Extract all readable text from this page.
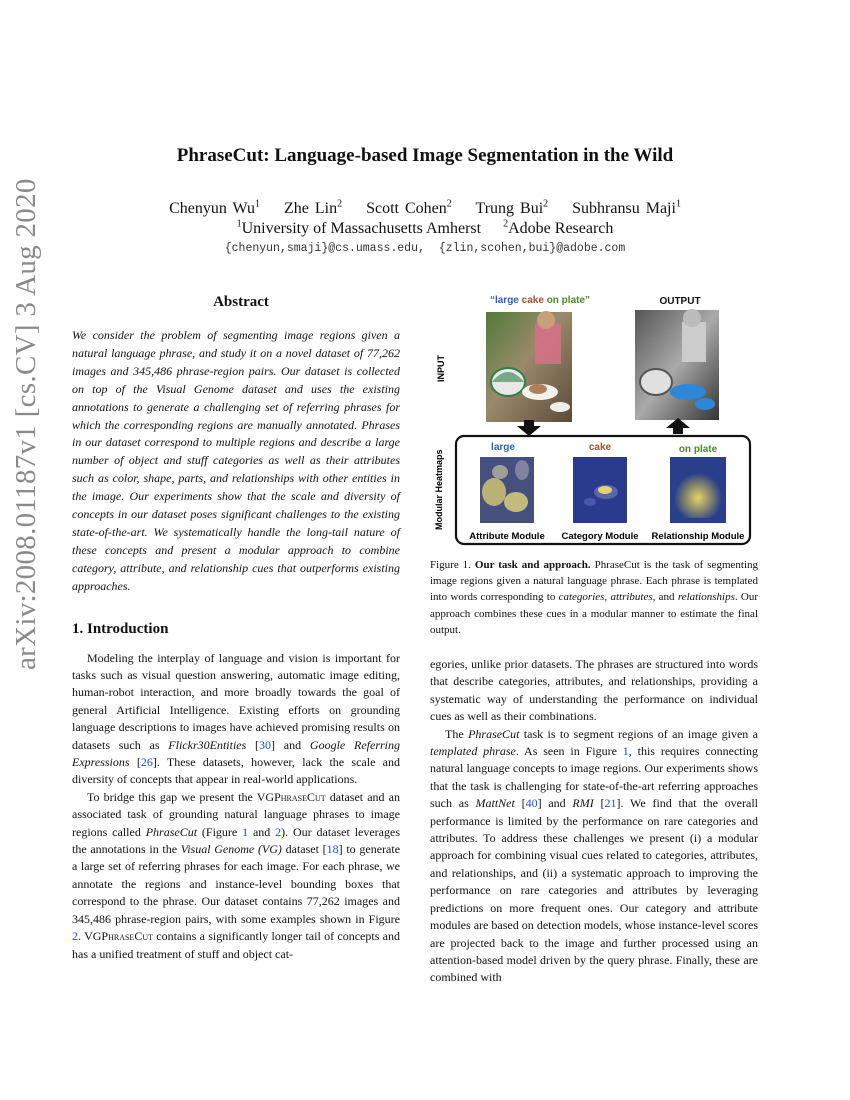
arXiv:2008.01187v1 [cs.CV] 3 Aug 2020
PhraseCut: Language-based Image Segmentation in the Wild
Chenyun Wu$^1$ Zhe Lin$^2$ Scott Cohen$^2$ Trung Bui$^2$ Subhransu Maji$^1$
$^1$University of Massachusetts Amherst $^2$Adobe Research
{chenyun,smaji}@cs.umass.edu, {zlin,scohen,bui}@adobe.com
Abstract
We consider the problem of segmenting image regions given a natural language phrase, and study it on a novel dataset of 77,262 images and 345,486 phrase-region pairs. Our dataset is collected on top of the Visual Genome dataset and uses the existing annotations to generate a challenging set of referring phrases for which the corresponding regions are manually annotated. Phrases in our dataset correspond to multiple regions and describe a large number of object and stuff categories as well as their attributes such as color, shape, parts, and relationships with other entities in the image. Our experiments show that the scale and diversity of concepts in our dataset poses significant challenges to the existing state-of-the-art. We systematically handle the long-tail nature of these concepts and present a modular approach to combine category, attribute, and relationship cues that outperforms existing approaches.
1. Introduction

Modeling the interplay of language and vision is important for tasks such as visual question answering, automatic image editing, human-robot interaction, and more broadly towards the goal of general Artificial Intelligence. Existing efforts on grounding language descriptions to images have achieved promising results on datasets such as Flickr30Entities [30] and Google Referring Expressions [26]. These datasets, however, lack the scale and diversity of concepts that appear in real-world applications.

To bridge this gap we present the VGPhraseCut dataset and an associated task of grounding natural language phrases to image regions called PhraseCut (Figure 1 and 2). Our dataset leverages the annotations in the Visual Genome (VG) dataset [18] to generate a large set of referring phrases for each image. For each phrase, we annotate the regions and instance-level bounding boxes that correspond to the phrase. Our dataset contains 77,262 images and 345,486 phrase-region pairs, with some examples shown in Figure 2. VGPhraseCut contains a significantly longer tail of concepts and has a unified treatment of stuff and object cat-

“large cake on plate”	OUTPUT
INPUT
Modular Heatmaps
large	cake	on plate
Attribute Module Category Module Relationship Module
Figure 1. Our task and approach. PhraseCut is the task of segmenting image regions given a natural language phrase. Each phrase is templated into words corresponding to categories, attributes, and relationships. Our approach combines these cues in a modular manner to estimate the final output.

egories, unlike prior datasets. The phrases are structured into words that describe categories, attributes, and relationships, providing a systematic way of understanding the performance on individual cues as well as their combinations.

The PhraseCut task is to segment regions of an image given a templated phrase. As seen in Figure 1, this requires connecting natural language concepts to image regions. Our experiments shows that the task is challenging for state-of-the-art referring approaches such as MattNet [40] and RMI [21]. We find that the overall performance is limited by the performance on rare categories and attributes. To address these challenges we present (i) a modular approach for combining visual cues related to categories, attributes, and relationships, and (ii) a systematic approach to improving the performance on rare categories and attributes by leveraging predictions on more frequent ones. Our category and attribute modules are based on detection models, whose instance-level scores are projected back to the image and further processed using an attention-based model driven by the query phrase. Finally, these are combined with
